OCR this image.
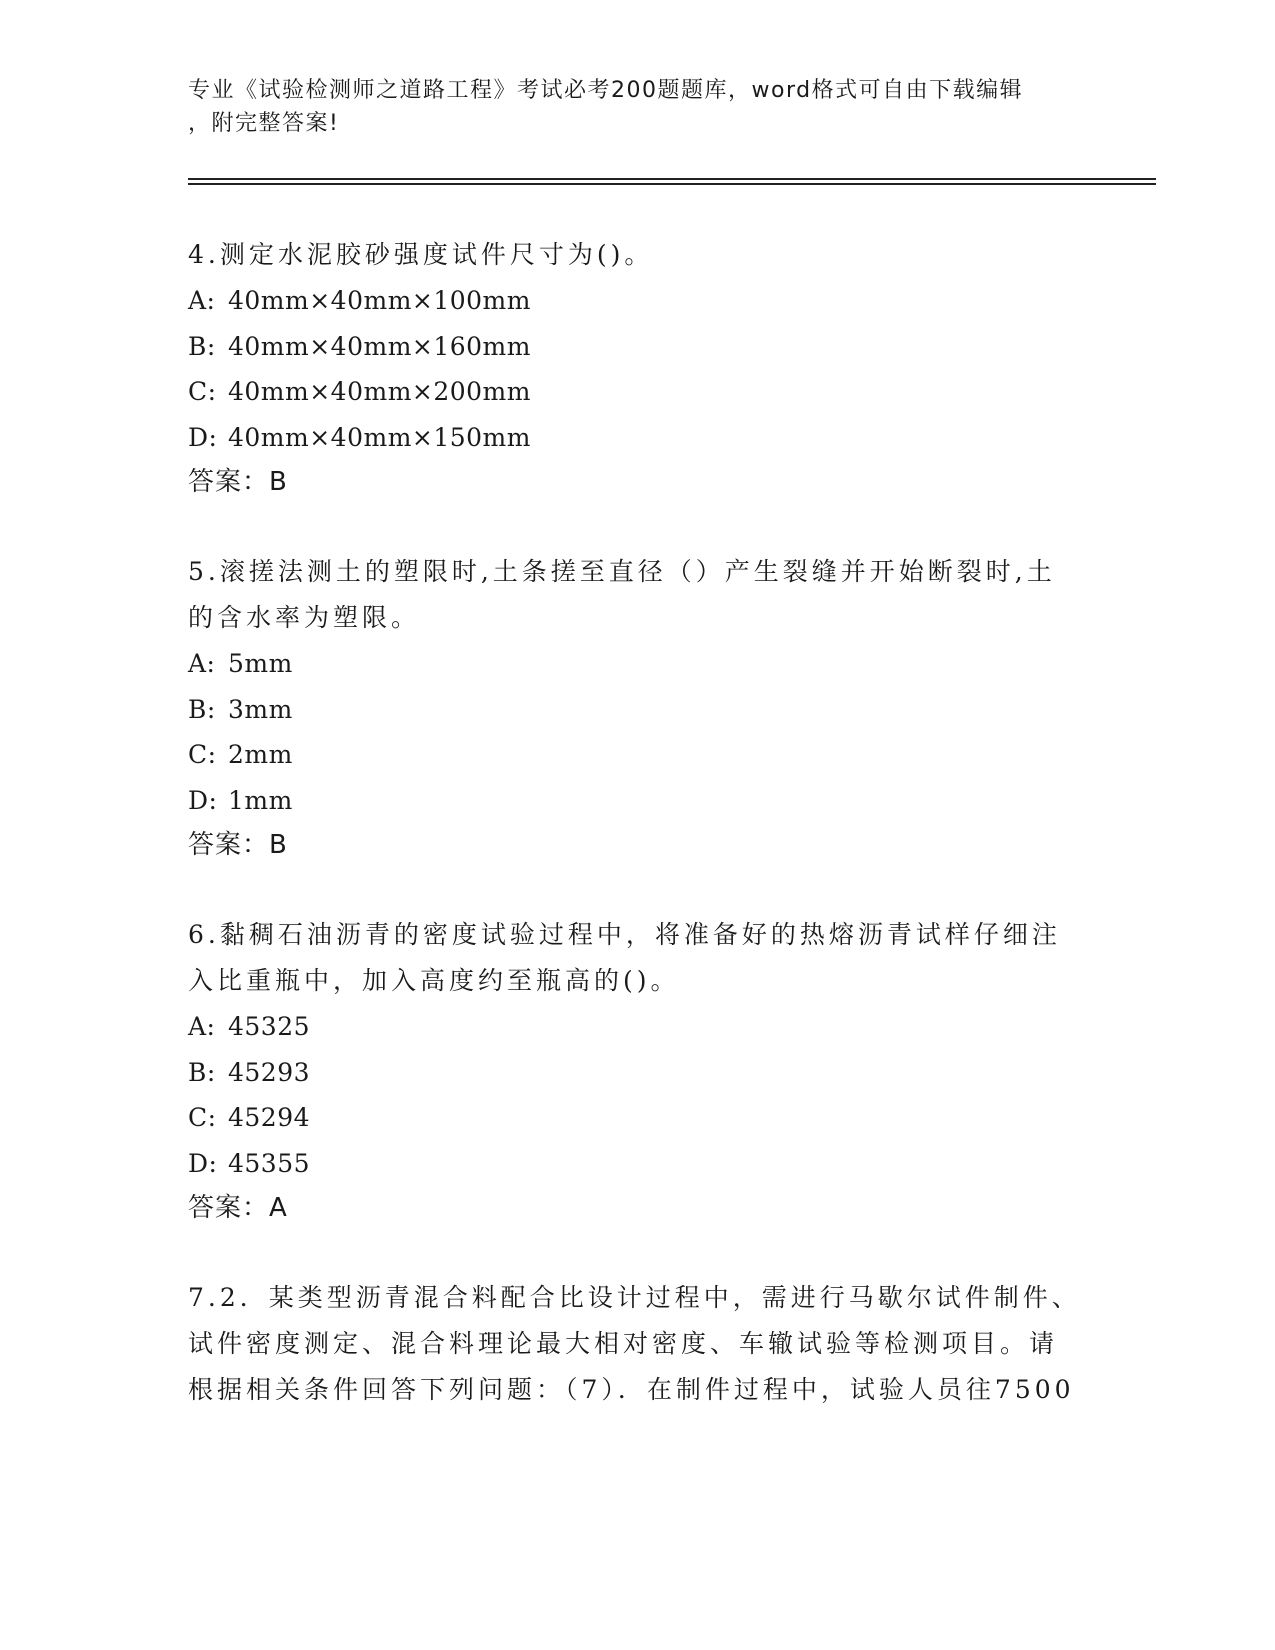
专业《试验检测师之道路工程》考试必考200题题库，word格式可自由下载编辑
，附完整答案!
4.测定水泥胶砂强度试件尺寸为()。
A: 40mm×40mm×100mm
B: 40mm×40mm×160mm
C: 40mm×40mm×200mm
D: 40mm×40mm×150mm
答案：B
5.滚搓法测土的塑限时,土条搓至直径（）产生裂缝并开始断裂时,土
的含水率为塑限。
A: 5mm
B: 3mm
C: 2mm
D: 1mm
答案：B
6.黏稠石油沥青的密度试验过程中，将准备好的热熔沥青试样仔细注
入比重瓶中，加入高度约至瓶高的()。
A: 45325
B: 45293
C: 45294
D: 45355
答案：A
7.2．某类型沥青混合料配合比设计过程中，需进行马歇尔试件制件、
试件密度测定、混合料理论最大相对密度、车辙试验等检测项目。请
根据相关条件回答下列问题：（7）．在制件过程中，试验人员往7500
